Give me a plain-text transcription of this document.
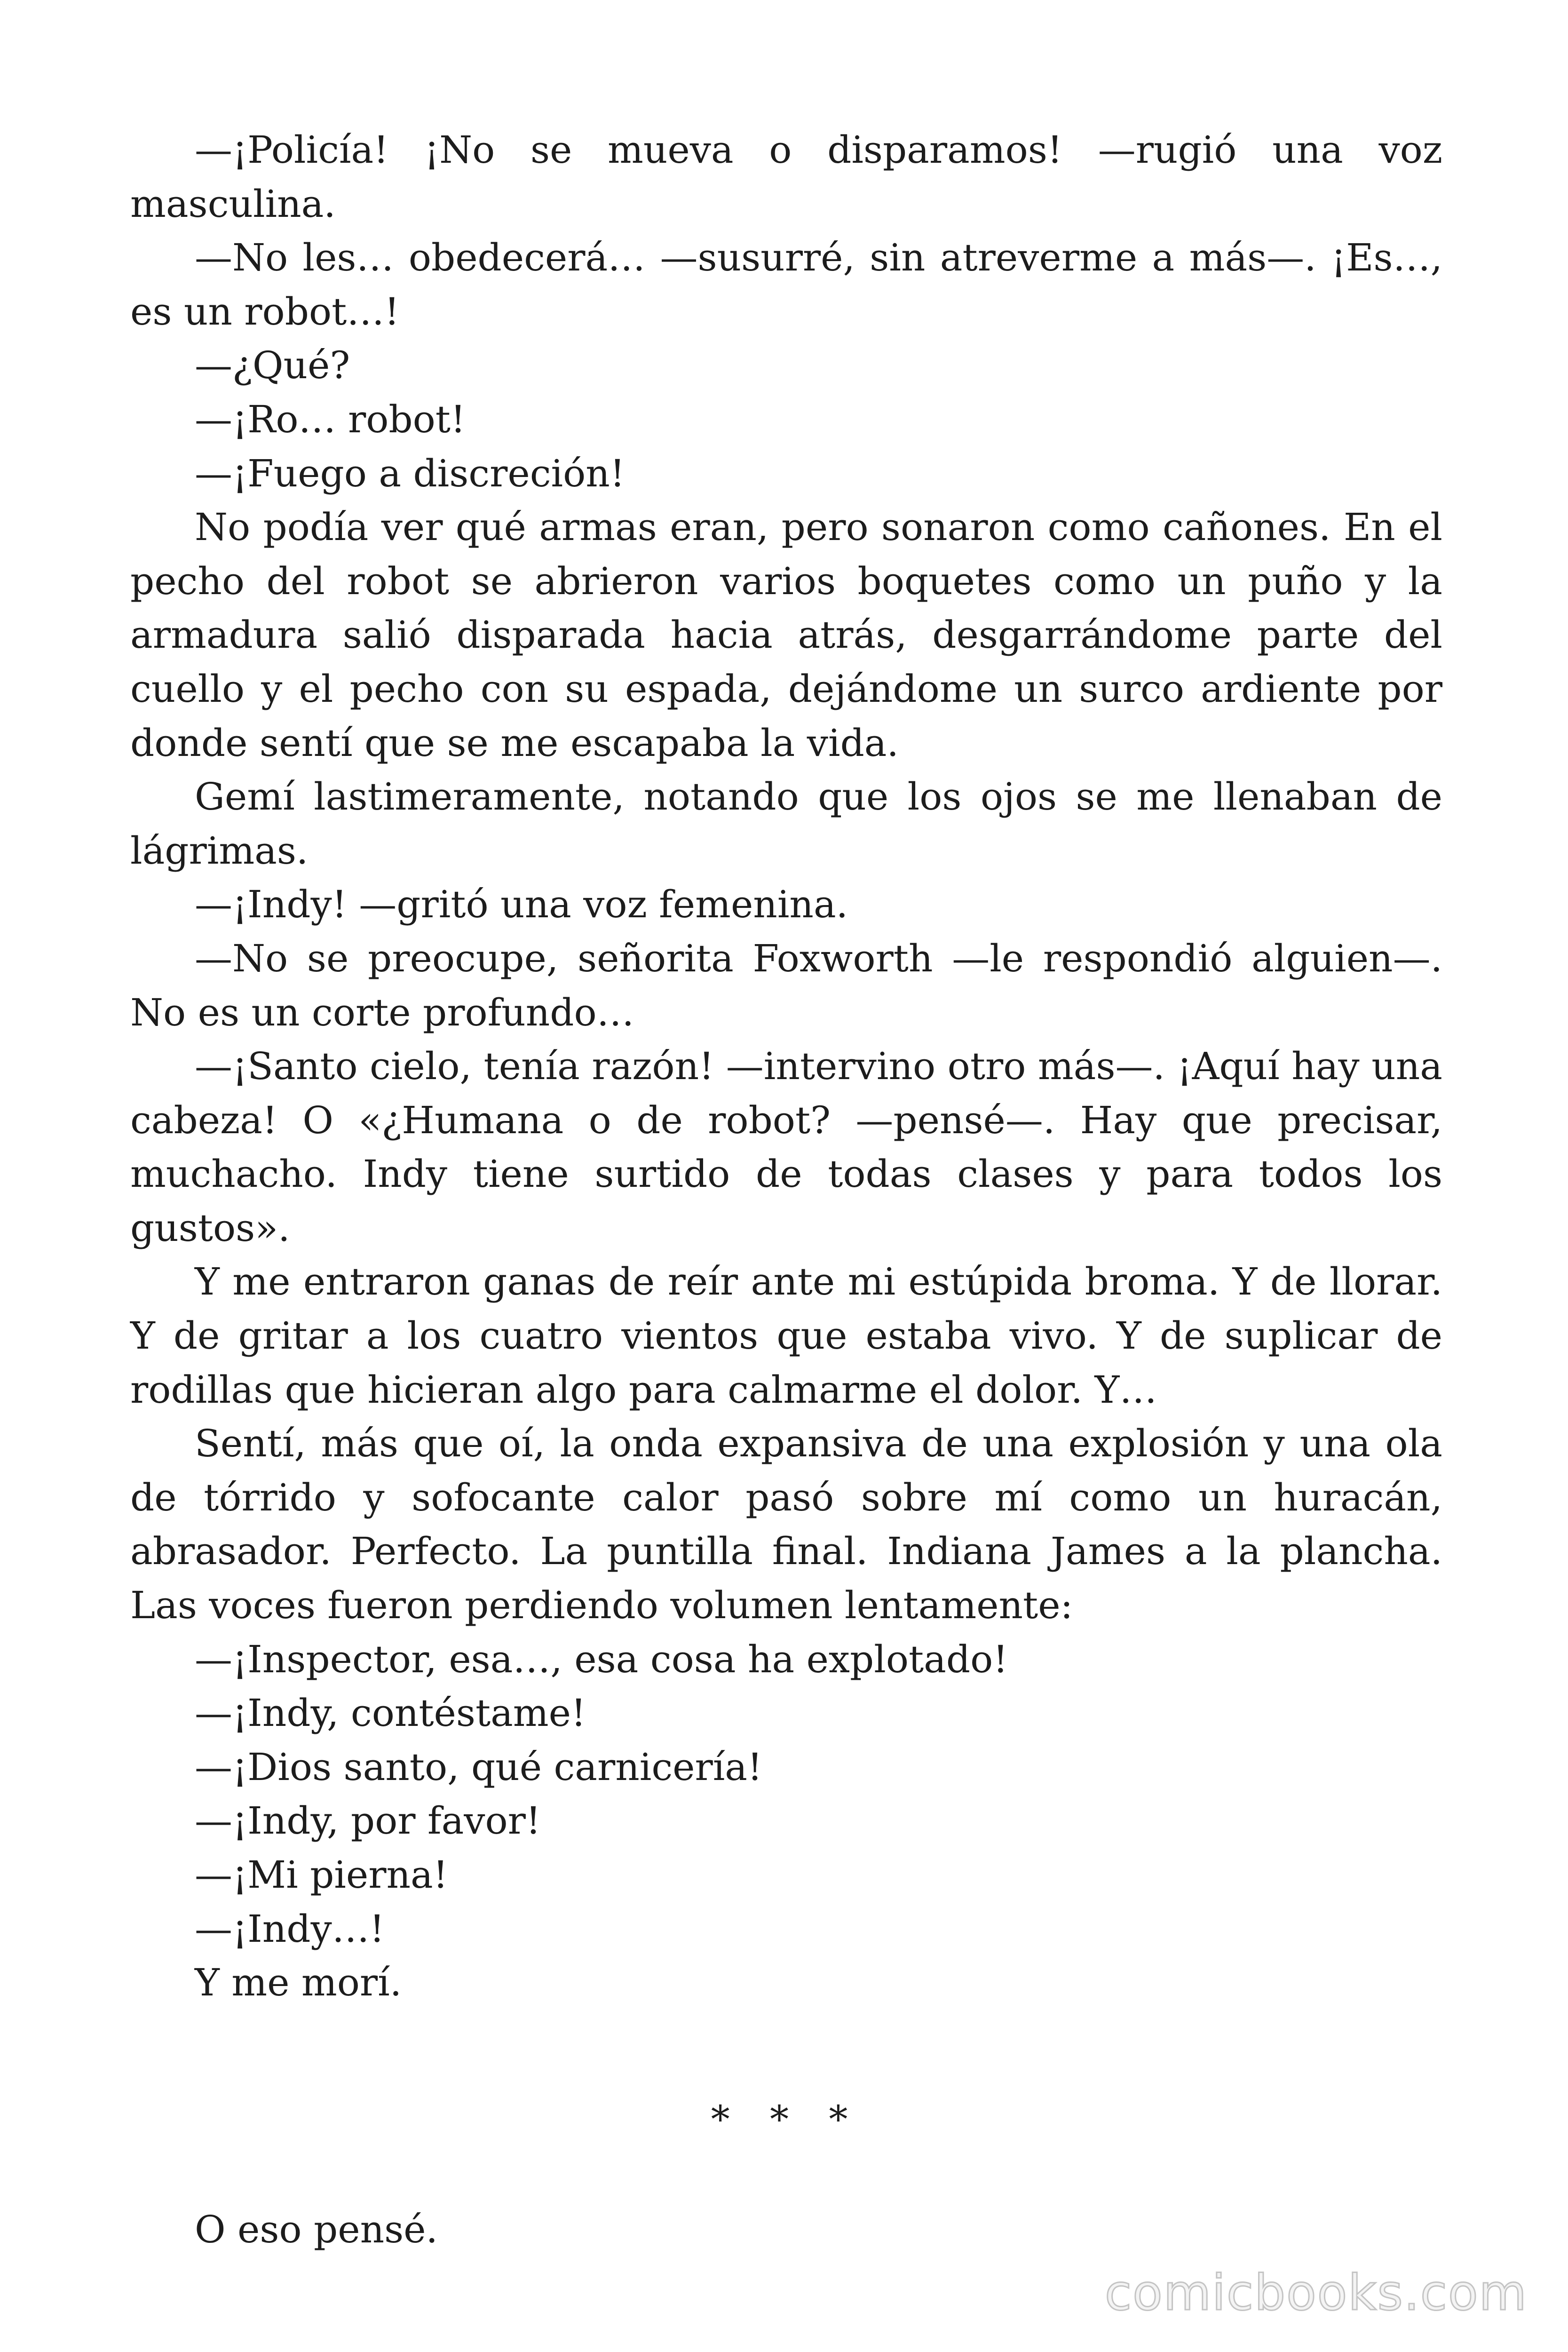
—¡Policía! ¡No se mueva o disparamos! —rugió una voz masculina.

—No les… obedecerá… —susurré, sin atreverme a más—. ¡Es…, es un robot…!

—¿Qué?

—¡Ro… robot!

—¡Fuego a discreción!

No podía ver qué armas eran, pero sonaron como cañones. En el pecho del robot se abrieron varios boquetes como un puño y la armadura salió disparada hacia atrás, desgarrándome parte del cuello y el pecho con su espada, dejándome un surco ardiente por donde sentí que se me escapaba la vida.

Gemí lastimeramente, notando que los ojos se me llenaban de lágrimas.

—¡Indy! —gritó una voz femenina.

—No se preocupe, señorita Foxworth —le respondió alguien—. No es un corte profundo…

—¡Santo cielo, tenía razón! —intervino otro más—. ¡Aquí hay una cabeza! O «¿Humana o de robot? —pensé—. Hay que precisar, muchacho. Indy tiene surtido de todas clases y para todos los gustos».

Y me entraron ganas de reír ante mi estúpida broma. Y de llorar. Y de gritar a los cuatro vientos que estaba vivo. Y de suplicar de rodillas que hicieran algo para calmarme el dolor. Y…

Sentí, más que oí, la onda expansiva de una explosión y una ola de tórrido y sofocante calor pasó sobre mí como un huracán, abrasador. Perfecto. La puntilla final. Indiana James a la plancha. Las voces fueron perdiendo volumen lentamente:

—¡Inspector, esa…, esa cosa ha explotado!

—¡Indy, contéstame!

—¡Dios santo, qué carnicería!

—¡Indy, por favor!

—¡Mi pierna!

—¡Indy…!

Y me morí.

* * *

O eso pensé.

comicbooks.com
